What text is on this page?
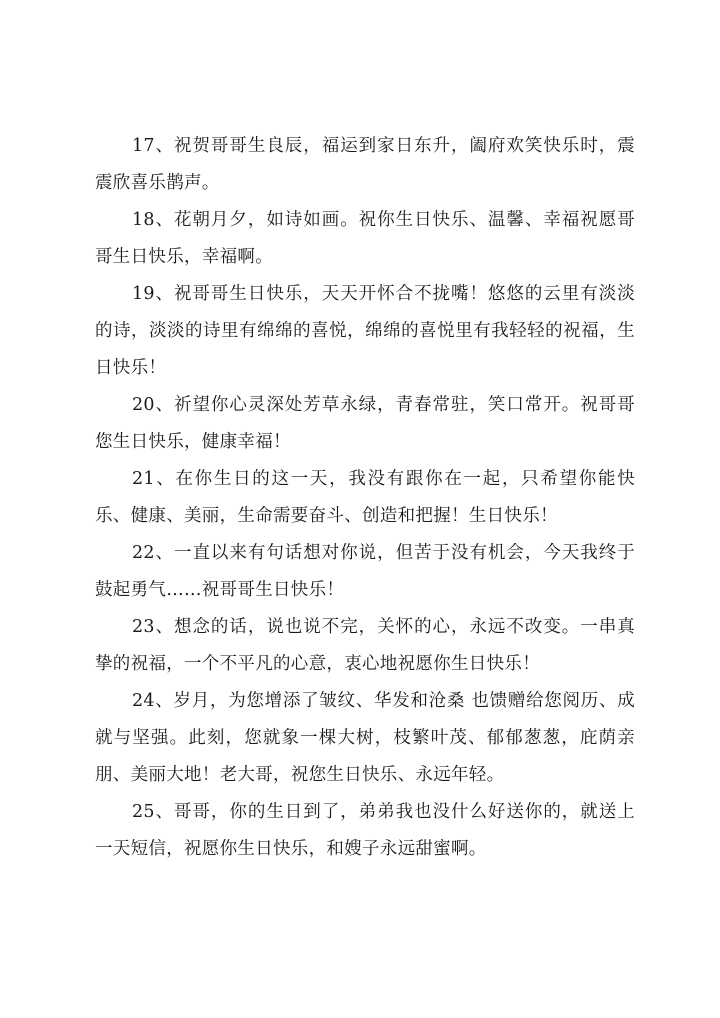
17、祝贺哥哥生良辰，福运到家日东升，阖府欢笑快乐时，震震欣喜乐鹊声。

18、花朝月夕，如诗如画。祝你生日快乐、温馨、幸福祝愿哥哥生日快乐，幸福啊。

19、祝哥哥生日快乐，天天开怀合不拢嘴！悠悠的云里有淡淡的诗，淡淡的诗里有绵绵的喜悦，绵绵的喜悦里有我轻轻的祝福，生日快乐！

20、祈望你心灵深处芳草永绿，青春常驻，笑口常开。祝哥哥您生日快乐，健康幸福！

21、在你生日的这一天，我没有跟你在一起，只希望你能快乐、健康、美丽，生命需要奋斗、创造和把握！生日快乐！

22、一直以来有句话想对你说，但苦于没有机会，今天我终于鼓起勇气……祝哥哥生日快乐！

23、想念的话，说也说不完，关怀的心，永远不改变。一串真挚的祝福，一个不平凡的心意，衷心地祝愿你生日快乐！

24、岁月，为您增添了皱纹、华发和沧桑 也馈赠给您阅历、成就与坚强。此刻，您就象一棵大树，枝繁叶茂、郁郁葱葱，庇荫亲朋、美丽大地！老大哥，祝您生日快乐、永远年轻。

25、哥哥，你的生日到了，弟弟我也没什么好送你的，就送上一天短信，祝愿你生日快乐，和嫂子永远甜蜜啊。
